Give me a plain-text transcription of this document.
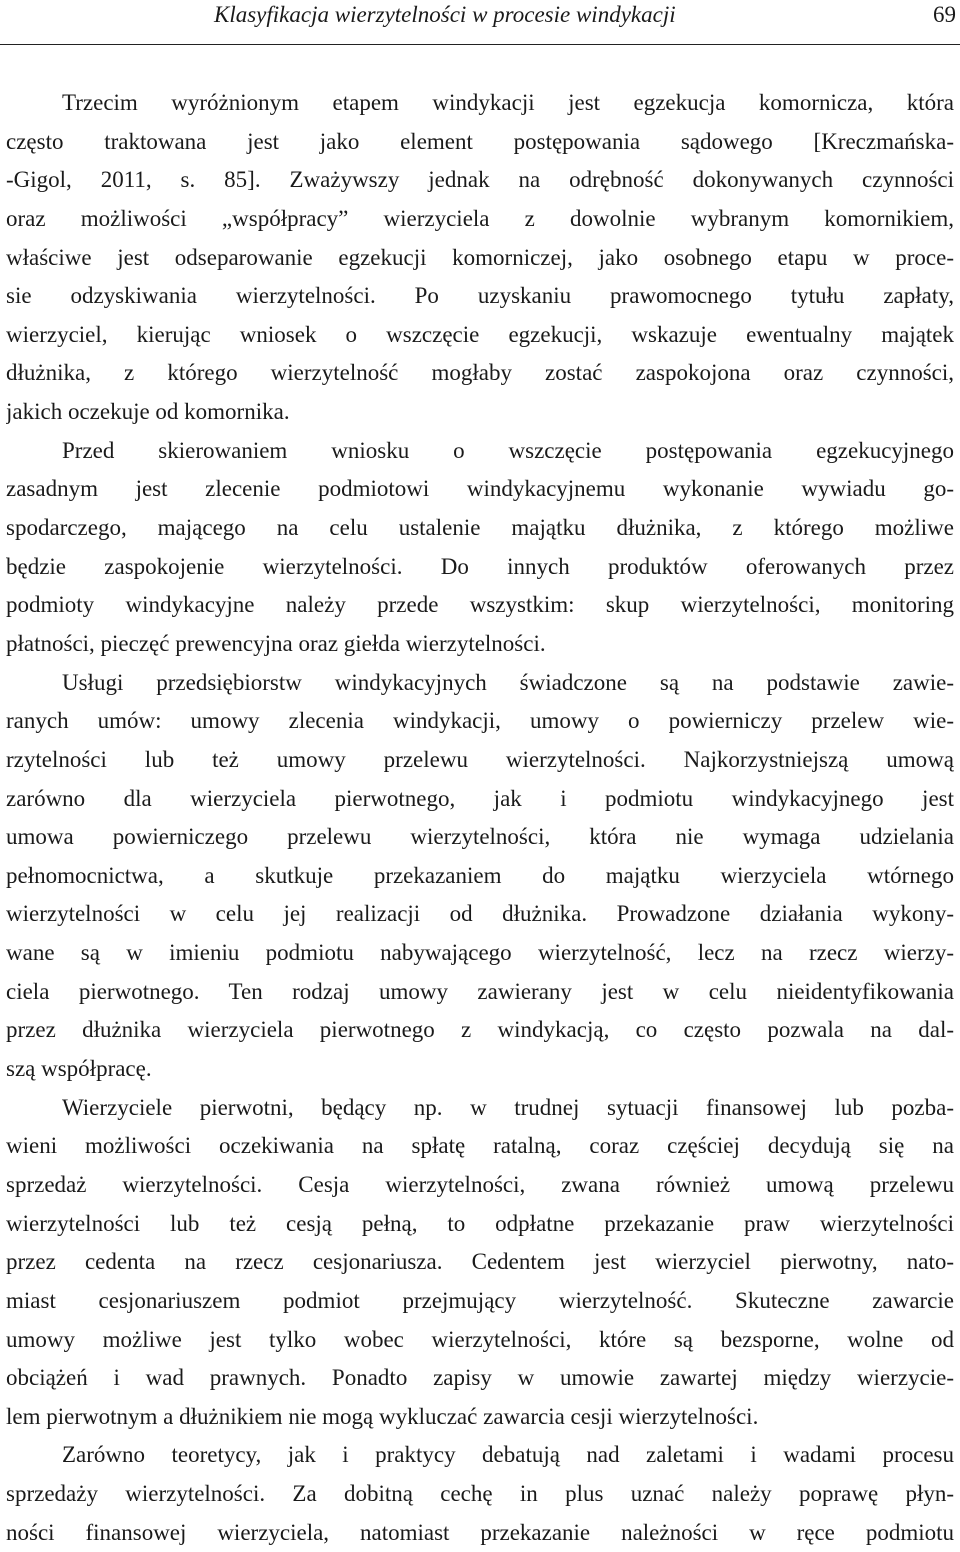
Klasyfikacja wierzytelności w procesie windykacji	69
Trzecim wyróżnionym etapem windykacji jest egzekucja komornicza, która
często traktowana jest jako element postępowania sądowego [Kreczmańska-
-Gigol, 2011, s. 85]. Zważywszy jednak na odrębność dokonywanych czynności
oraz możliwości „współpracy” wierzyciela z dowolnie wybranym komornikiem,
właściwe jest odseparowanie egzekucji komorniczej, jako osobnego etapu w proce-
sie odzyskiwania wierzytelności. Po uzyskaniu prawomocnego tytułu zapłaty,
wierzyciel, kierując wniosek o wszczęcie egzekucji, wskazuje ewentualny majątek
dłużnika, z którego wierzytelność mogłaby zostać zaspokojona oraz czynności,
jakich oczekuje od komornika.
Przed skierowaniem wniosku o wszczęcie postępowania egzekucyjnego
zasadnym jest zlecenie podmiotowi windykacyjnemu wykonanie wywiadu go-
spodarczego, mającego na celu ustalenie majątku dłużnika, z którego możliwe
będzie zaspokojenie wierzytelności. Do innych produktów oferowanych przez
podmioty windykacyjne należy przede wszystkim: skup wierzytelności, monitoring
płatności, pieczęć prewencyjna oraz giełda wierzytelności.
Usługi przedsiębiorstw windykacyjnych świadczone są na podstawie zawie-
ranych umów: umowy zlecenia windykacji, umowy o powierniczy przelew wie-
rzytelności lub też umowy przelewu wierzytelności. Najkorzystniejszą umową
zarówno dla wierzyciela pierwotnego, jak i podmiotu windykacyjnego jest
umowa powierniczego przelewu wierzytelności, która nie wymaga udzielania
pełnomocnictwa, a skutkuje przekazaniem do majątku wierzyciela wtórnego
wierzytelności w celu jej realizacji od dłużnika. Prowadzone działania wykony-
wane są w imieniu podmiotu nabywającego wierzytelność, lecz na rzecz wierzy-
ciela pierwotnego. Ten rodzaj umowy zawierany jest w celu nieidentyfikowania
przez dłużnika wierzyciela pierwotnego z windykacją, co często pozwala na dal-
szą współpracę.
Wierzyciele pierwotni, będący np. w trudnej sytuacji finansowej lub pozba-
wieni możliwości oczekiwania na spłatę ratalną, coraz częściej decydują się na
sprzedaż wierzytelności. Cesja wierzytelności, zwana również umową przelewu
wierzytelności lub też cesją pełną, to odpłatne przekazanie praw wierzytelności
przez cedenta na rzecz cesjonariusza. Cedentem jest wierzyciel pierwotny, nato-
miast cesjonariuszem podmiot przejmujący wierzytelność. Skuteczne zawarcie
umowy możliwe jest tylko wobec wierzytelności, które są bezsporne, wolne od
obciążeń i wad prawnych. Ponadto zapisy w umowie zawartej między wierzycie-
lem pierwotnym a dłużnikiem nie mogą wykluczać zawarcia cesji wierzytelności.
Zarówno teoretycy, jak i praktycy debatują nad zaletami i wadami procesu
sprzedaży wierzytelności. Za dobitną cechę in plus uznać należy poprawę płyn-
ności finansowej wierzyciela, natomiast przekazanie należności w ręce podmiotu
